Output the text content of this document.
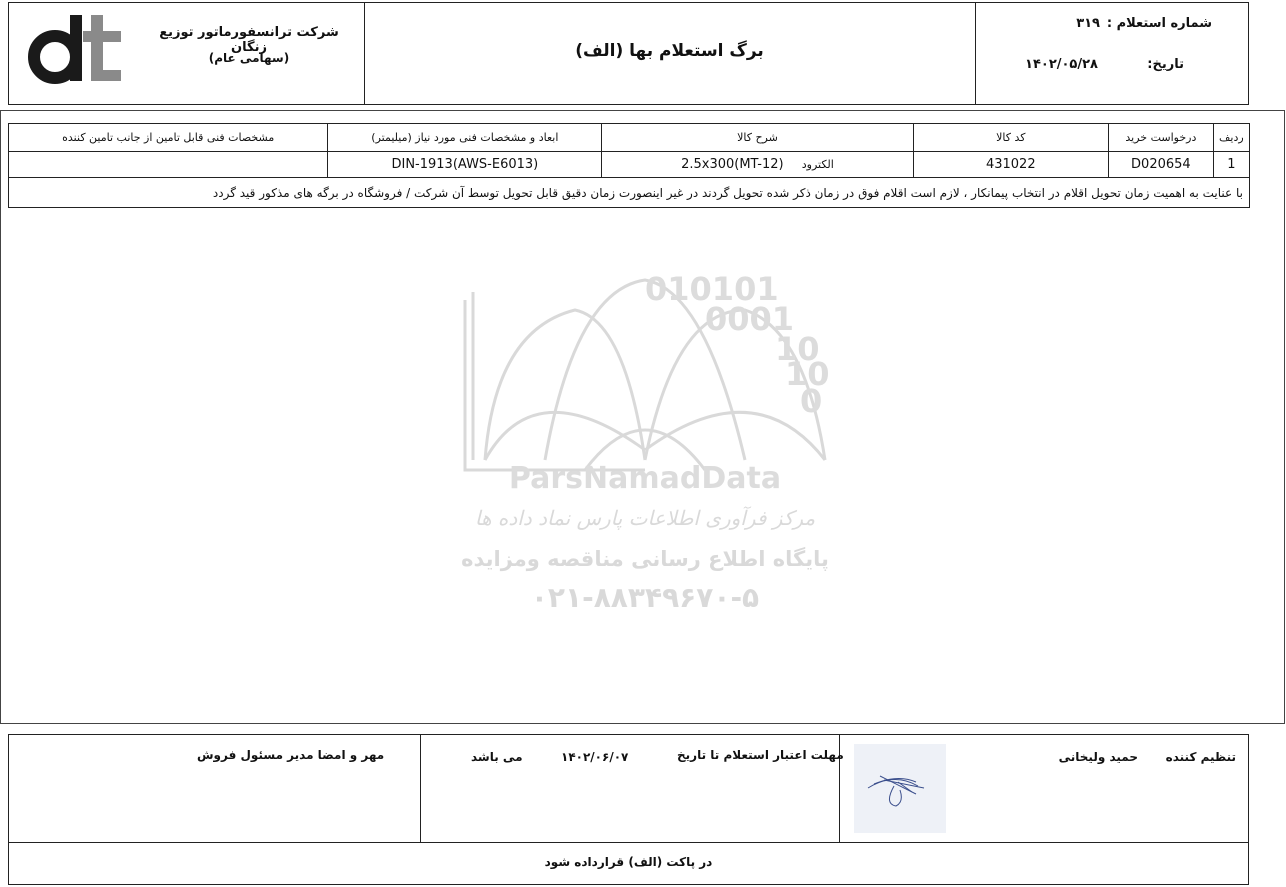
شرکت ترانسفورماتور توزیع زنگان
(سهامی عام)	برگ استعلام بها (الف)
شماره استعلام :
۳۱۹
تاریخ:
۱۴۰۲/۰۵/۲۸
010101
0001
10
10
0
ParsNamadData
مرکز فرآوری اطلاعات پارس نماد داده ها
پایگاه اطلاع رسانی مناقصه ومزایده
۰۲۱-۸۸۳۴۹۶۷۰-۵
ردیف	درخواست خرید	کد کالا	شرح کالا	ابعاد و مشخصات فنی مورد نیاز (میلیمتر)	مشخصات فنی قابل تامین از جانب تامین کننده
1	D020654	431022	الکترود 2.5x300(MT-12)	DIN-1913(AWS-E6013)	
با عنایت به اهمیت زمان تحویل اقلام در انتخاب پیمانکار ، لازم است اقلام فوق در زمان ذکر شده تحویل گردند در غیر اینصورت زمان دقیق قابل تحویل توسط آن شرکت / فروشگاه در برگه های مذکور قید گردد					
تنظیم کننده
حمید ولیخانی
مهلت اعتبار استعلام تا تاریخ
۱۴۰۲/۰۶/۰۷
می باشد
مهر و امضا مدیر مسئول فروش
در پاکت (الف) قرارداده شود
